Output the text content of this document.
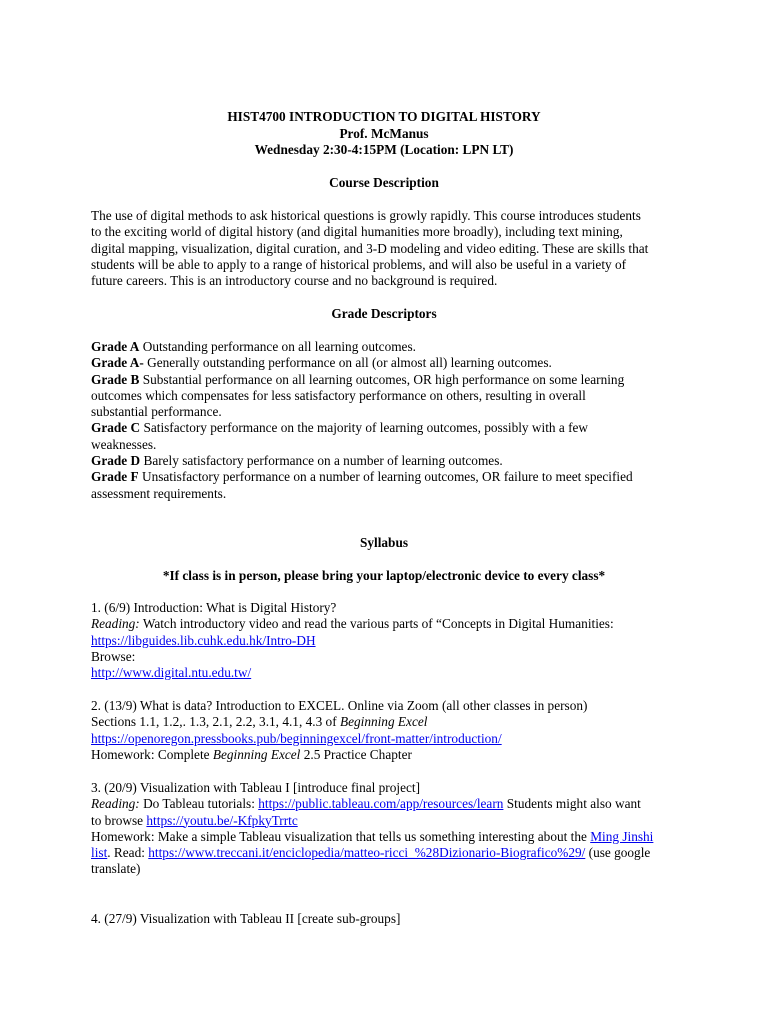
HIST4700 INTRODUCTION TO DIGITAL HISTORY
Prof. McManus
Wednesday 2:30-4:15PM (Location: LPN LT)
Course Description
The use of digital methods to ask historical questions is growly rapidly. This course introduces students
to the exciting world of digital history (and digital humanities more broadly), including text mining,
digital mapping, visualization, digital curation, and 3-D modeling and video editing. These are skills that
students will be able to apply to a range of historical problems, and will also be useful in a variety of
future careers. This is an introductory course and no background is required.
Grade Descriptors
Grade A Outstanding performance on all learning outcomes.
Grade A- Generally outstanding performance on all (or almost all) learning outcomes.
Grade B Substantial performance on all learning outcomes, OR high performance on some learning
outcomes which compensates for less satisfactory performance on others, resulting in overall
substantial performance.
Grade C Satisfactory performance on the majority of learning outcomes, possibly with a few
weaknesses.
Grade D Barely satisfactory performance on a number of learning outcomes.
Grade F Unsatisfactory performance on a number of learning outcomes, OR failure to meet specified
assessment requirements.
Syllabus
*If class is in person, please bring your laptop/electronic device to every class*
1. (6/9) Introduction: What is Digital History?
Reading: Watch introductory video and read the various parts of “Concepts in Digital Humanities:
https://libguides.lib.cuhk.edu.hk/Intro-DH
Browse:
http://www.digital.ntu.edu.tw/
2. (13/9) What is data? Introduction to EXCEL. Online via Zoom (all other classes in person)
Sections 1.1, 1.2,. 1.3, 2.1, 2.2, 3.1, 4.1, 4.3 of Beginning Excel
https://openoregon.pressbooks.pub/beginningexcel/front-matter/introduction/
Homework: Complete Beginning Excel 2.5 Practice Chapter
3. (20/9) Visualization with Tableau I [introduce final project]
Reading: Do Tableau tutorials: https://public.tableau.com/app/resources/learn Students might also want
to browse https://youtu.be/-KfpkyTrrtc
Homework: Make a simple Tableau visualization that tells us something interesting about the Ming Jinshi
list. Read: https://www.treccani.it/enciclopedia/matteo-ricci_%28Dizionario-Biografico%29/ (use google
translate)
4. (27/9) Visualization with Tableau II [create sub-groups]
